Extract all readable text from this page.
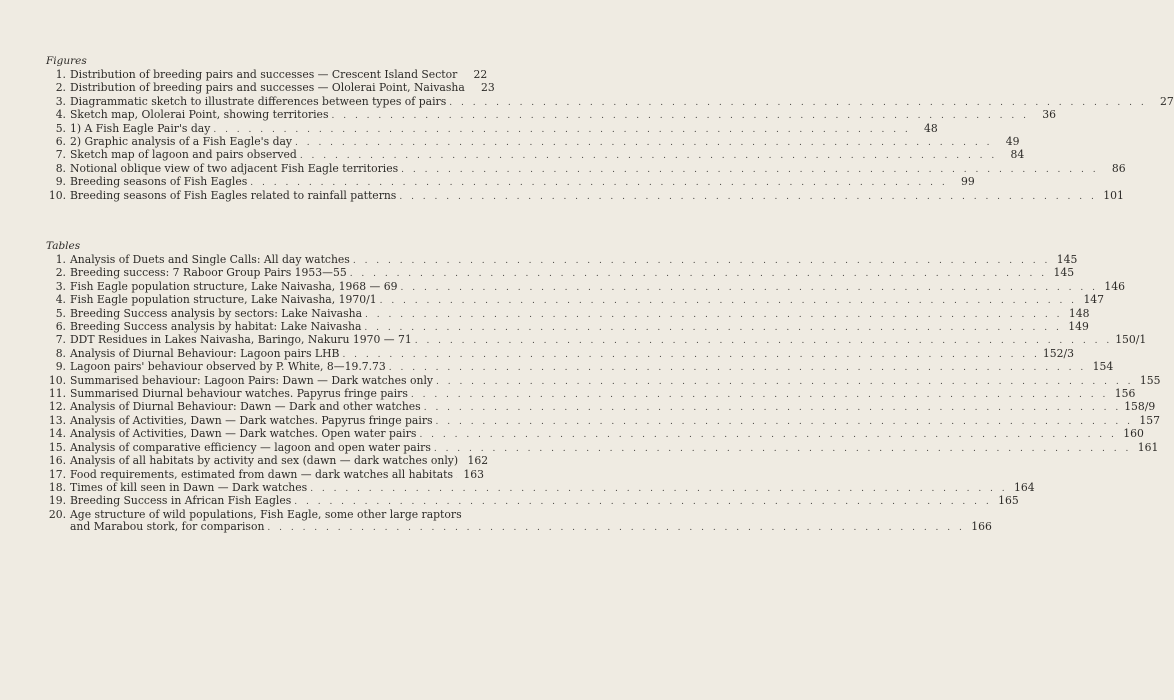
Figures
1. Distribution of breeding pairs and successes — Crescent Island Sector	22
2. Distribution of breeding pairs and successes — Ololerai Point, Naivasha	23
3. Diagrammatic sketch to illustrate differences between types of pairs . . . . . . . . . . . . . . . . . . . . . . . . . . . . . . . . . . . . . . . . . . . . . . . . . . . . . . . . . . . .	27
4. Sketch map, Ololerai Point, showing territories . . . . . . . . . . . . . . . . . . . . . . . . . . . . . . . . . . . . . . . . . . . . . . . . . . . . . . . . . . . .	36
5. 1) A Fish Eagle Pair's day . . . . . . . . . . . . . . . . . . . . . . . . . . . . . . . . . . . . . . . . . . . . . . . . . . . . . . . . . . . .	48
6. 2) Graphic analysis of a Fish Eagle's day . . . . . . . . . . . . . . . . . . . . . . . . . . . . . . . . . . . . . . . . . . . . . . . . . . . . . . . . . . . .	49
7. Sketch map of lagoon and pairs observed . . . . . . . . . . . . . . . . . . . . . . . . . . . . . . . . . . . . . . . . . . . . . . . . . . . . . . . . . . . .	84
8. Notional oblique view of two adjacent Fish Eagle territories . . . . . . . . . . . . . . . . . . . . . . . . . . . . . . . . . . . . . . . . . . . . . . . . . . . . . . . . . . . .	86
9. Breeding seasons of Fish Eagles . . . . . . . . . . . . . . . . . . . . . . . . . . . . . . . . . . . . . . . . . . . . . . . . . . . . . . . . . . . .	99
10. Breeding seasons of Fish Eagles related to rainfall patterns . . . . . . . . . . . . . . . . . . . . . . . . . . . . . . . . . . . . . . . . . . . . . . . . . . . . . . . . . . . . 101
Tables
1. Analysis of Duets and Single Calls: All day watches . . . . . . . . . . . . . . . . . . . . . . . . . . . . . . . . . . . . . . . . . . . . . . . . . . . . . . . . . . . . 145
2. Breeding success: 7 Raboor Group Pairs 1953—55 . . . . . . . . . . . . . . . . . . . . . . . . . . . . . . . . . . . . . . . . . . . . . . . . . . . . . . . . . . . . 145
3. Fish Eagle population structure, Lake Naivasha, 1968 — 69 . . . . . . . . . . . . . . . . . . . . . . . . . . . . . . . . . . . . . . . . . . . . . . . . . . . . . . . . . . . . 146
4. Fish Eagle population structure, Lake Naivasha, 1970/1 . . . . . . . . . . . . . . . . . . . . . . . . . . . . . . . . . . . . . . . . . . . . . . . . . . . . . . . . . . . . 147
5. Breeding Success analysis by sectors: Lake Naivasha . . . . . . . . . . . . . . . . . . . . . . . . . . . . . . . . . . . . . . . . . . . . . . . . . . . . . . . . . . . . 148
6. Breeding Success analysis by habitat: Lake Naivasha . . . . . . . . . . . . . . . . . . . . . . . . . . . . . . . . . . . . . . . . . . . . . . . . . . . . . . . . . . . . 149
7. DDT Residues in Lakes Naivasha, Baringo, Nakuru 1970 — 71 . . . . . . . . . . . . . . . . . . . . . . . . . . . . . . . . . . . . . . . . . . . . . . . . . . . . . . . . . . . . 150/1
8. Analysis of Diurnal Behaviour: Lagoon pairs LHB . . . . . . . . . . . . . . . . . . . . . . . . . . . . . . . . . . . . . . . . . . . . . . . . . . . . . . . . . . . . 152/3
9. Lagoon pairs' behaviour observed by P. White, 8—19.7.73 . . . . . . . . . . . . . . . . . . . . . . . . . . . . . . . . . . . . . . . . . . . . . . . . . . . . . . . . . . . . 154
10. Summarised behaviour: Lagoon Pairs: Dawn — Dark watches only . . . . . . . . . . . . . . . . . . . . . . . . . . . . . . . . . . . . . . . . . . . . . . . . . . . . . . . . . . . . 155
11. Summarised Diurnal behaviour watches. Papyrus fringe pairs . . . . . . . . . . . . . . . . . . . . . . . . . . . . . . . . . . . . . . . . . . . . . . . . . . . . . . . . . . . . 156
12. Analysis of Diurnal Behaviour: Dawn — Dark and other watches . . . . . . . . . . . . . . . . . . . . . . . . . . . . . . . . . . . . . . . . . . . . . . . . . . . . . . . . . . . . 158/9
13. Analysis of Activities, Dawn — Dark watches. Papyrus fringe pairs . . . . . . . . . . . . . . . . . . . . . . . . . . . . . . . . . . . . . . . . . . . . . . . . . . . . . . . . . . . . 157
14. Analysis of Activities, Dawn — Dark watches. Open water pairs . . . . . . . . . . . . . . . . . . . . . . . . . . . . . . . . . . . . . . . . . . . . . . . . . . . . . . . . . . . . 160
15. Analysis of comparative efficiency — lagoon and open water pairs . . . . . . . . . . . . . . . . . . . . . . . . . . . . . . . . . . . . . . . . . . . . . . . . . . . . . . . . . . . . 161
16. Analysis of all habitats by activity and sex (dawn — dark watches only) 162
17. Food requirements, estimated from dawn — dark watches all habitats 163
18. Times of kill seen in Dawn — Dark watches . . . . . . . . . . . . . . . . . . . . . . . . . . . . . . . . . . . . . . . . . . . . . . . . . . . . . . . . . . . . 164
19. Breeding Success in African Fish Eagles . . . . . . . . . . . . . . . . . . . . . . . . . . . . . . . . . . . . . . . . . . . . . . . . . . . . . . . . . . . . 165
20. Age structure of wild populations, Fish Eagle, some other large raptors
and Marabou stork, for comparison . . . . . . . . . . . . . . . . . . . . . . . . . . . . . . . . . . . . . . . . . . . . . . . . . . . . . . . . . . . . 166
